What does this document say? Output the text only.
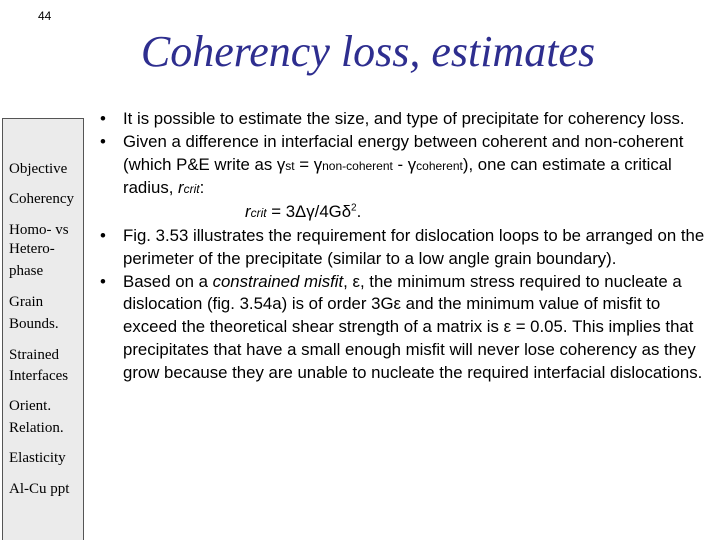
44
Coherency loss, estimates
Objective
Coherency
Homo- vs
Hetero-
phase
Grain
Bounds.
Strained
Interfaces
Orient.
Relation.
Elasticity
Al-Cu ppt
• It is possible to estimate the size, and type of precipitate for coherency loss.
• Given a difference in interfacial energy between coherent and non-coherent (which P&E write as γst = γnon-coherent - γcoherent), one can estimate a critical radius, rcrit:
rcrit = $3\Delta\gamma/4G\delta^2$.
• Fig. 3.53 illustrates the requirement for dislocation loops to be arranged on the perimeter of the precipitate (similar to a low angle grain boundary).
• Based on a constrained misfit, ε, the minimum stress required to nucleate a dislocation (fig. 3.54a) is of order 3Gε and the minimum value of misfit to exceed the theoretical shear strength of a matrix is ε = 0.05. This implies that precipitates that have a small enough misfit will never lose coherency as they grow because they are unable to nucleate the required interfacial dislocations.
